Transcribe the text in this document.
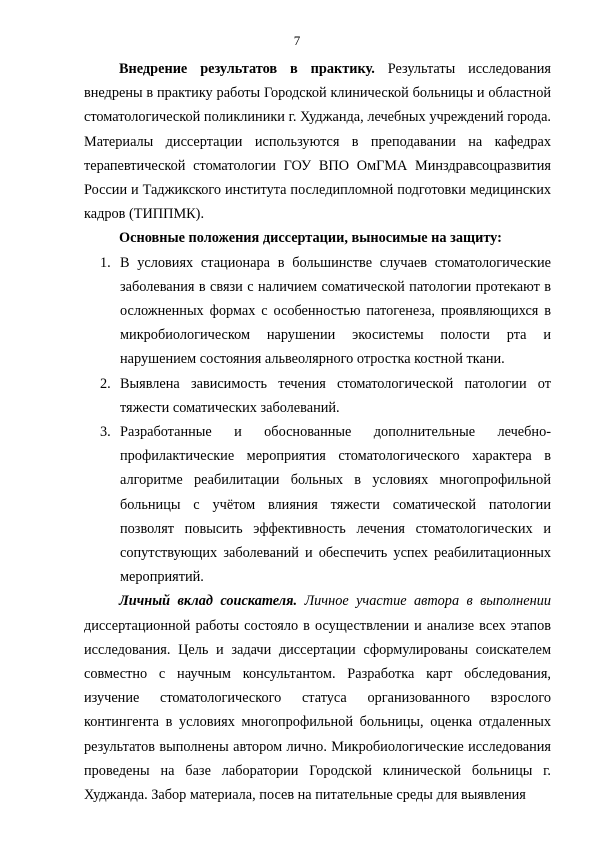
7

Внедрение результатов в практику. Результаты исследования внедрены в практику работы Городской клинической больницы и областной стоматологической поликлиники г. Худжанда, лечебных учреждений города. Материалы диссертации используются в преподавании на кафедрах терапевтической стоматологии ГОУ ВПО ОмГМА Минздравсоцразвития России и Таджикского института последипломной подготовки медицинских кадров (ТИППМК).

Основные положения диссертации, выносимые на защиту:

1. В условиях стационара в большинстве случаев стоматологические заболевания в связи с наличием соматической патологии протекают в осложненных формах с особенностью патогенеза, проявляющихся в микробиологическом нарушении экосистемы полости рта и нарушением состояния альвеолярного отростка костной ткани.
2. Выявлена зависимость течения стоматологической патологии от тяжести соматических заболеваний.
3. Разработанные и обоснованные дополнительные лечебно-профилактические мероприятия стоматологического характера в алгоритме реабилитации больных в условиях многопрофильной больницы с учётом влияния тяжести соматической патологии позволят повысить эффективность лечения стоматологических и сопутствующих заболеваний и обеспечить успех реабилитационных мероприятий.

Личный вклад соискателя. Личное участие автора в выполнении диссертационной работы состояло в осуществлении и анализе всех этапов исследования. Цель и задачи диссертации сформулированы соискателем совместно с научным консультантом. Разработка карт обследования, изучение стоматологического статуса организованного взрослого контингента в условиях многопрофильной больницы, оценка отдаленных результатов выполнены автором лично. Микробиологические исследования проведены на базе лаборатории Городской клинической больницы г. Худжанда. Забор материала, посев на питательные среды для выявления
